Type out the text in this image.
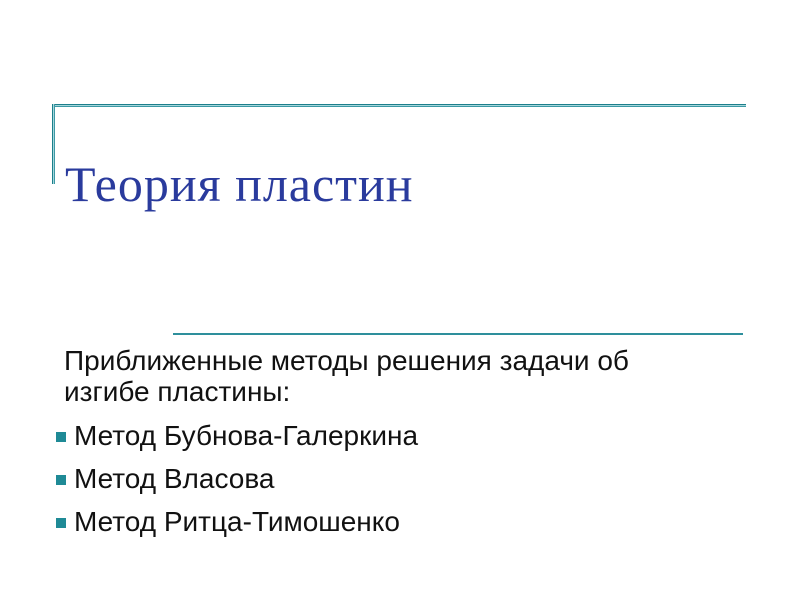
Теория пластин
Приближенные методы решения задачи об
изгибе пластины:
Метод Бубнова-Галеркина
Метод Власова
Метод Ритца-Тимошенко
